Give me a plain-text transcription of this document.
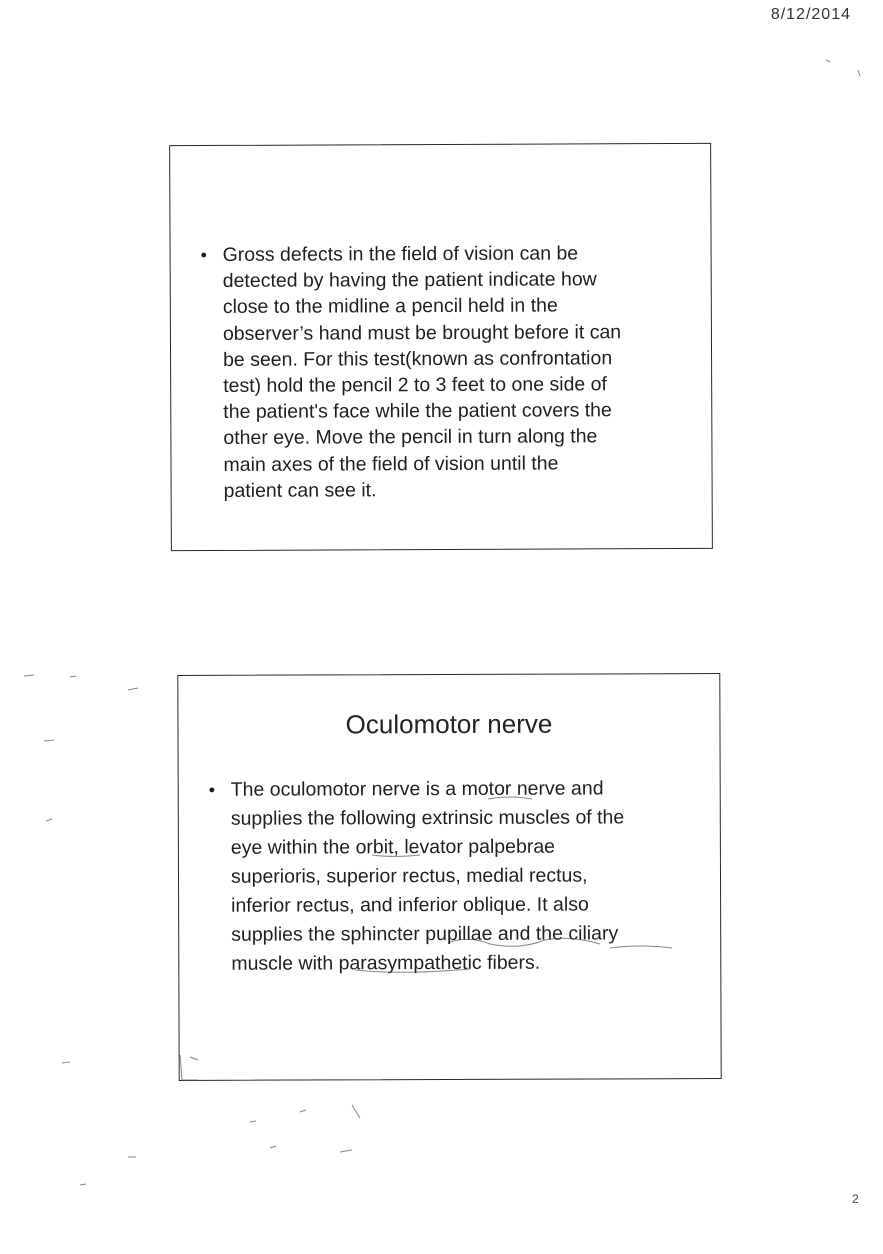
8/12/2014
• Gross defects in the field of vision can be
detected by having the patient indicate how
close to the midline a pencil held in the
observer’s hand must be brought before it can
be seen. For this test(known as confrontation
test) hold the pencil 2 to 3 feet to one side of
the patient's face while the patient covers the
other eye. Move the pencil in turn along the
main axes of the field of vision until the
patient can see it.
Oculomotor nerve
• The oculomotor nerve is a motor nerve and
supplies the following extrinsic muscles of the
eye within the orbit, levator palpebrae
superioris, superior rectus, medial rectus,
inferior rectus, and inferior oblique. It also
supplies the sphincter pupillae and the ciliary
muscle with parasympathetic fibers.
2
